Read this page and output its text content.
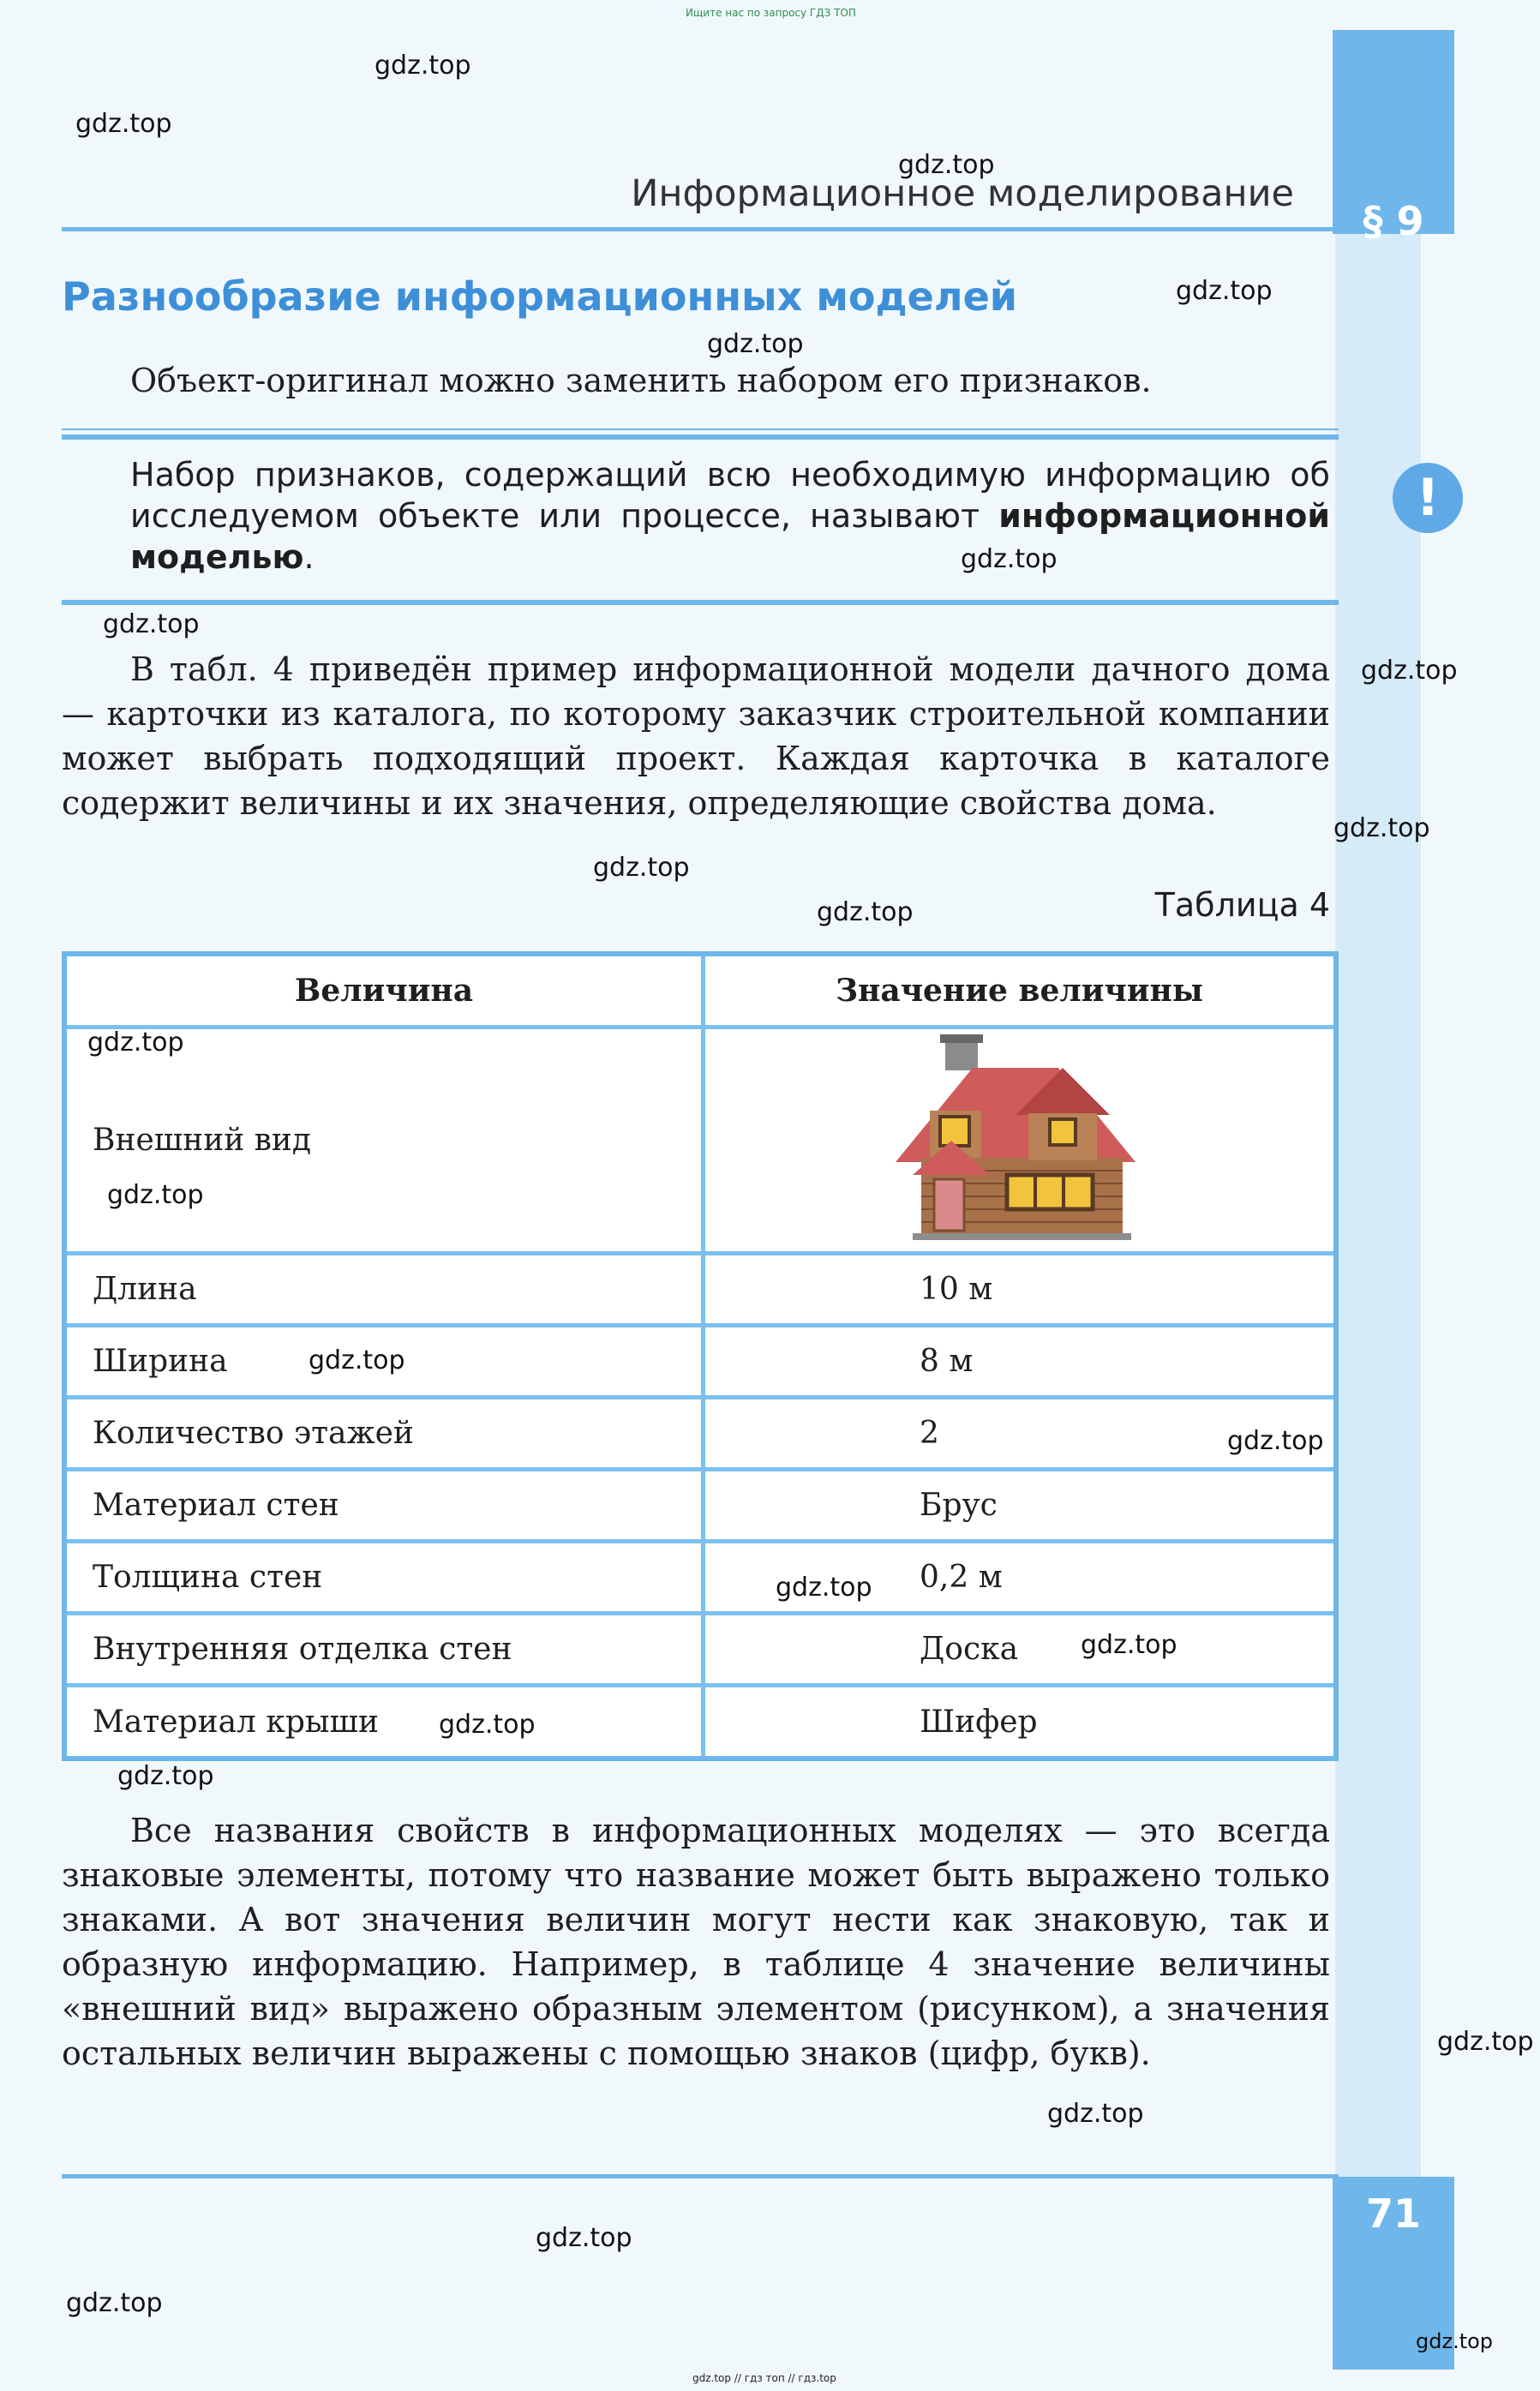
Ищите нас по запросу ГДЗ ТОП
§ 9
Информационное моделирование
Разнообразие информационных моделей
Объект-оригинал можно заменить набором его признаков.
Набор признаков, содержащий всю необходимую информацию об исследуемом объекте или процессе, называют информационной моделью.
!
В табл. 4 приведён пример информационной модели дачного дома — карточки из каталога, по которому заказчик строительной компании может выбрать подходящий проект. Каждая карточка в каталоге содержит величины и их значения, определяющие свойства дома.
Таблица 4
Величина	Значение величины
Внешний вид	
Длина	10 м
Ширина	8 м
Количество этажей	2
Материал стен	Брус
Толщина стен	0,2 м
Внутренняя отделка стен	Доска
Материал крыши	Шифер
Все названия свойств в информационных моделях — это всегда знаковые элементы, потому что название может быть выражено только знаками. А вот значения величин могут нести как знаковую, так и образную информацию. Например, в таблице 4 значение величины «внешний вид» выражено образным элементом (рисунком), а значения остальных величин выражены с помощью знаков (цифр, букв).
71
gdz.top
gdz.top
gdz.top
gdz.top
gdz.top
gdz.top
gdz.top
gdz.top
gdz.top
gdz.top
gdz.top
gdz.top
gdz.top
gdz.top
gdz.top
gdz.top
gdz.top
gdz.top
gdz.top
gdz.top
gdz.top
gdz.top
gdz.top
gdz.top
gdz.top // гдз топ // гдз.top
